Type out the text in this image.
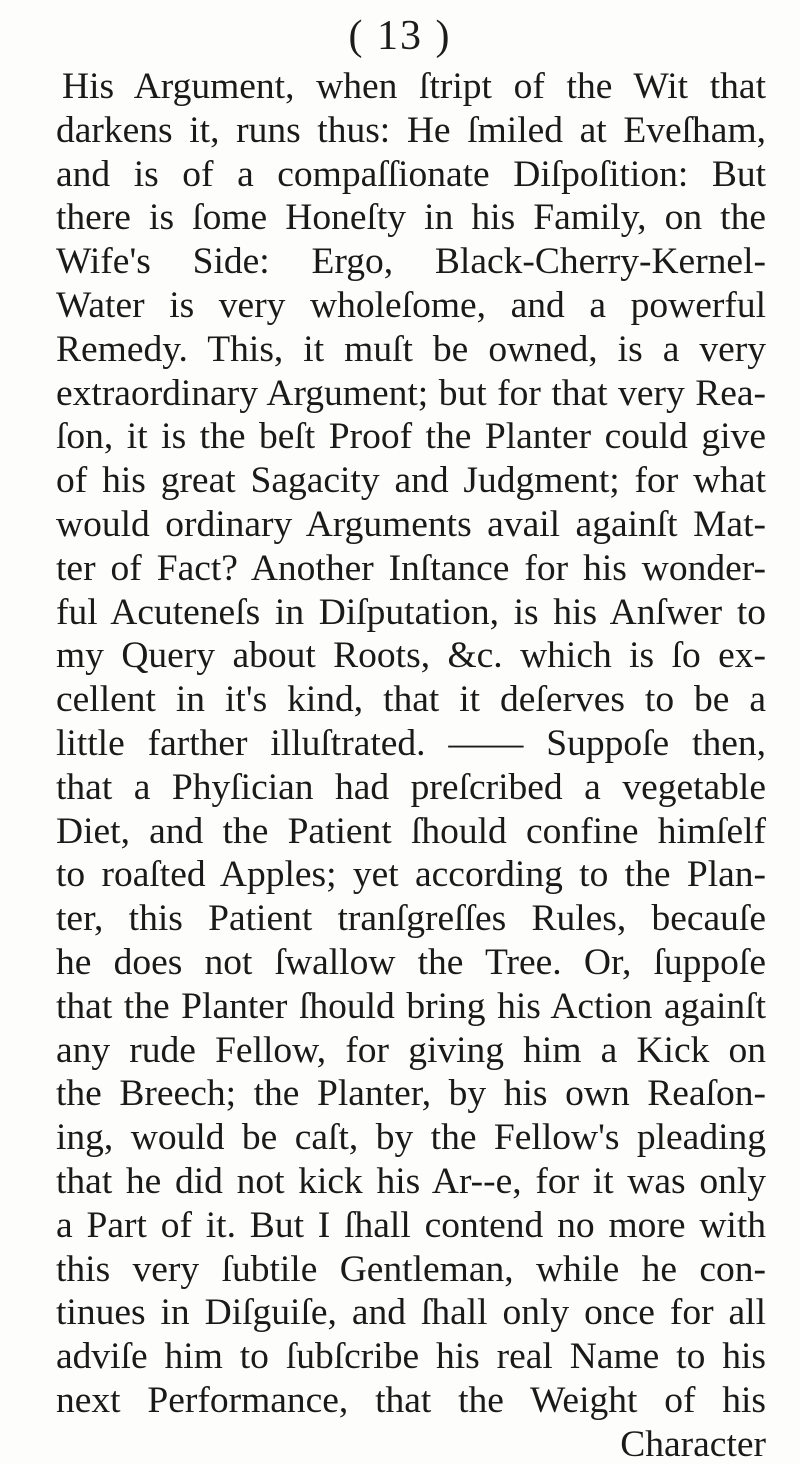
( 13 )
His Argument, when ſtript of the Wit that
darkens it, runs thus: He ſmiled at Eveſham,
and is of a compaſſionate Diſpoſition: But
there is ſome Honeſty in his Family, on the
Wife's Side: Ergo, Black-Cherry-Kernel-
Water is very wholeſome, and a powerful
Remedy. This, it muſt be owned, is a very
extraordinary Argument; but for that very Rea-
ſon, it is the beſt Proof the Planter could give
of his great Sagacity and Judgment; for what
would ordinary Arguments avail againſt Mat-
ter of Fact? Another Inſtance for his wonder-
ful Acuteneſs in Diſputation, is his Anſwer to
my Query about Roots, &c. which is ſo ex-
cellent in it's kind, that it deſerves to be a
little farther illuſtrated. —— Suppoſe then,
that a Phyſician had preſcribed a vegetable
Diet, and the Patient ſhould confine himſelf
to roaſted Apples; yet according to the Plan-
ter, this Patient tranſgreſſes Rules, becauſe
he does not ſwallow the Tree. Or, ſuppoſe
that the Planter ſhould bring his Action againſt
any rude Fellow, for giving him a Kick on
the Breech; the Planter, by his own Reaſon-
ing, would be caſt, by the Fellow's pleading
that he did not kick his Ar--e, for it was only
a Part of it. But I ſhall contend no more with
this very ſubtile Gentleman, while he con-
tinues in Diſguiſe, and ſhall only once for all
adviſe him to ſubſcribe his real Name to his
next Performance, that the Weight of his
Character
